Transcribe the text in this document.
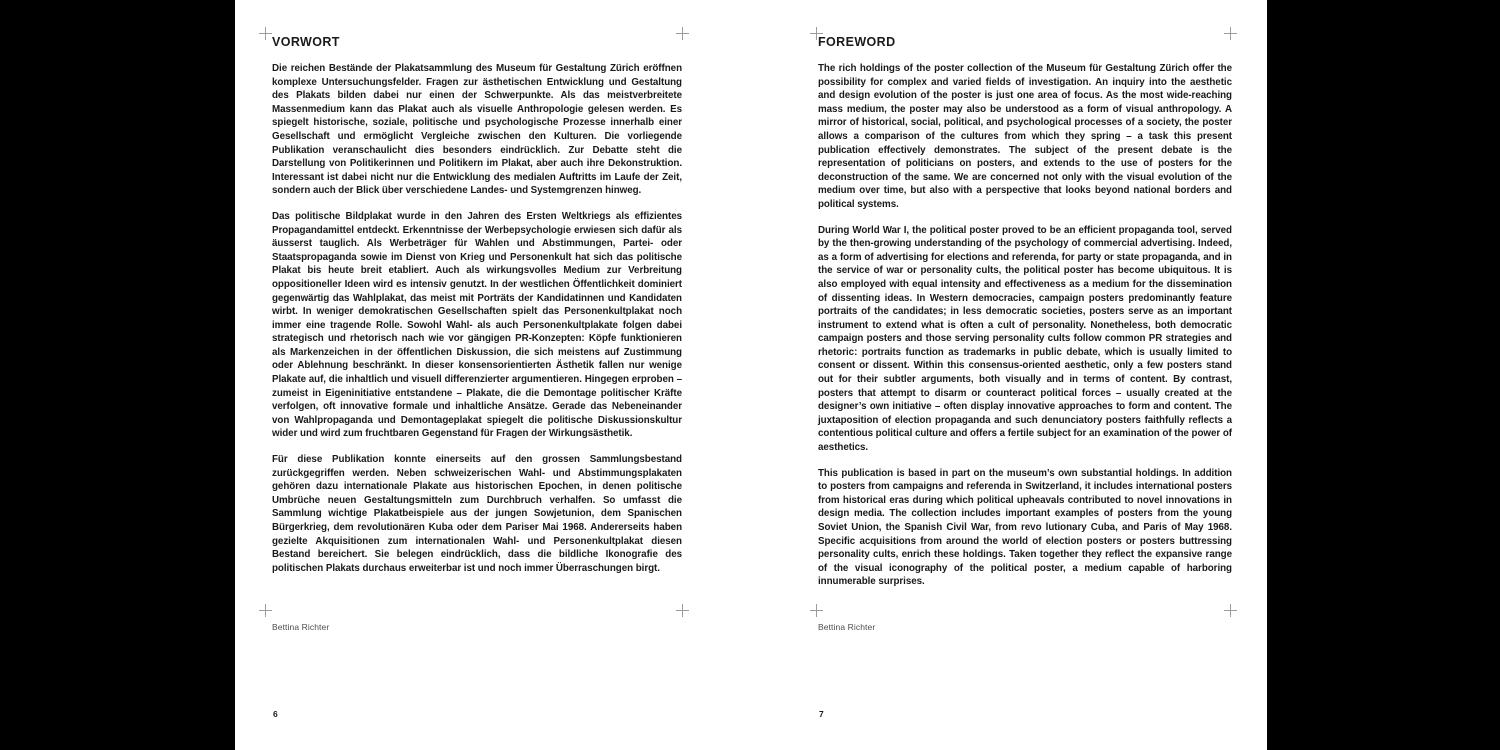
VORWORT

Die reichen Bestände der Plakatsammlung des Museum für Gestaltung Zürich eröffnen komplexe Untersuchungsfelder. Fragen zur ästhetischen Entwicklung und Gestaltung des Plakats bilden dabei nur einen der Schwerpunkte. Als das meistverbreitete Massenmedium kann das Plakat auch als visuelle Anthropologie gelesen werden. Es spiegelt historische, soziale, politische und psychologische Prozesse innerhalb einer Gesellschaft und ermöglicht Vergleiche zwischen den Kulturen. Die vorliegende Publikation veranschaulicht dies besonders eindrücklich. Zur Debatte steht die Darstellung von Politikerinnen und Politikern im Plakat, aber auch ihre Dekonstruktion. Interessant ist dabei nicht nur die Entwicklung des medialen Auftritts im Laufe der Zeit, sondern auch der Blick über verschiedene Landes- und Systemgrenzen hinweg.

Das politische Bildplakat wurde in den Jahren des Ersten Weltkriegs als effizientes Propagandamittel entdeckt. Erkenntnisse der Werbepsychologie erwiesen sich dafür als äusserst tauglich. Als Werbeträger für Wahlen und Abstimmungen, Partei- oder Staatspropaganda sowie im Dienst von Krieg und Personenkult hat sich das politische Plakat bis heute breit etabliert. Auch als wirkungsvolles Medium zur Verbreitung oppositioneller Ideen wird es intensiv genutzt. In der westlichen Öffentlichkeit dominiert gegenwärtig das Wahlplakat, das meist mit Porträts der Kandidatinnen und Kandidaten wirbt. In weniger demokratischen Gesellschaften spielt das Personenkultplakat noch immer eine tragende Rolle. Sowohl Wahl- als auch Personenkultplakate folgen dabei strategisch und rhetorisch nach wie vor gängigen PR-Konzepten: Köpfe funktionieren als Markenzeichen in der öffentlichen Diskussion, die sich meistens auf Zustimmung oder Ablehnung beschränkt. In dieser konsensorientierten Ästhetik fallen nur wenige Plakate auf, die inhaltlich und visuell differenzierter argumentieren. Hingegen erproben – zumeist in Eigeninitiative entstandene – Plakate, die die Demontage politischer Kräfte verfolgen, oft innovative formale und inhaltliche Ansätze. Gerade das Nebeneinander von Wahlpropaganda und Demontageplakat spiegelt die politische Diskussionskultur wider und wird zum fruchtbaren Gegenstand für Fragen der Wirkungsästhetik.

Für diese Publikation konnte einerseits auf den grossen Sammlungsbestand zurückgegriffen werden. Neben schweizerischen Wahl- und Abstimmungsplakaten gehören dazu internationale Plakate aus historischen Epochen, in denen politische Umbrüche neuen Gestaltungsmitteln zum Durchbruch verhalfen. So umfasst die Sammlung wichtige Plakatbeispiele aus der jungen Sowjetunion, dem Spanischen Bürgerkrieg, dem revolutionären Kuba oder dem Pariser Mai 1968. Andererseits haben gezielte Akquisitionen zum internationalen Wahl- und Personenkultplakat diesen Bestand bereichert. Sie belegen eindrücklich, dass die bildliche Ikonografie des politischen Plakats durchaus erweiterbar ist und noch immer Überraschungen birgt.

Bettina Richter
6
FOREWORD

The rich holdings of the poster collection of the Museum für Gestaltung Zürich offer the possibility for complex and varied fields of investigation. An inquiry into the aesthetic and design evolution of the poster is just one area of focus. As the most wide-reaching mass medium, the poster may also be understood as a form of visual anthropology. A mirror of historical, social, political, and psychological processes of a society, the poster allows a comparison of the cultures from which they spring – a task this present publication effectively demonstrates. The subject of the present debate is the representation of politicians on posters, and extends to the use of posters for the deconstruction of the same. We are concerned not only with the visual evolution of the medium over time, but also with a perspective that looks beyond national borders and political systems.

During World War I, the political poster proved to be an efficient propaganda tool, served by the then-growing understanding of the psychology of commercial advertising. Indeed, as a form of advertising for elections and referenda, for party or state propaganda, and in the service of war or personality cults, the political poster has become ubiquitous. It is also employed with equal intensity and effectiveness as a medium for the dissemination of dissenting ideas. In Western democracies, campaign posters predominantly feature portraits of the candidates; in less democratic societies, posters serve as an important instrument to extend what is often a cult of personality. Nonetheless, both democratic campaign posters and those serving personality cults follow common PR strategies and rhetoric: portraits function as trademarks in public debate, which is usually limited to consent or dissent. Within this consensus-oriented aesthetic, only a few posters stand out for their subtler arguments, both visually and in terms of content. By contrast, posters that attempt to disarm or counteract political forces – usually created at the designer’s own initiative – often display innovative approaches to form and content. The juxtaposition of election propaganda and such denunciatory posters faithfully reflects a contentious political culture and offers a fertile subject for an examination of the power of aesthetics.

This publication is based in part on the museum’s own substantial holdings. In addition to posters from campaigns and referenda in Switzerland, it includes international posters from historical eras during which political upheavals contributed to novel innovations in design media. The collection includes important examples of posters from the young Soviet Union, the Spanish Civil War, from revo lutionary Cuba, and Paris of May 1968. Specific acquisitions from around the world of election posters or posters buttressing personality cults, enrich these holdings. Taken together they reflect the expansive range of the visual iconography of the political poster, a medium capable of harboring innumerable surprises.

Bettina Richter
7
